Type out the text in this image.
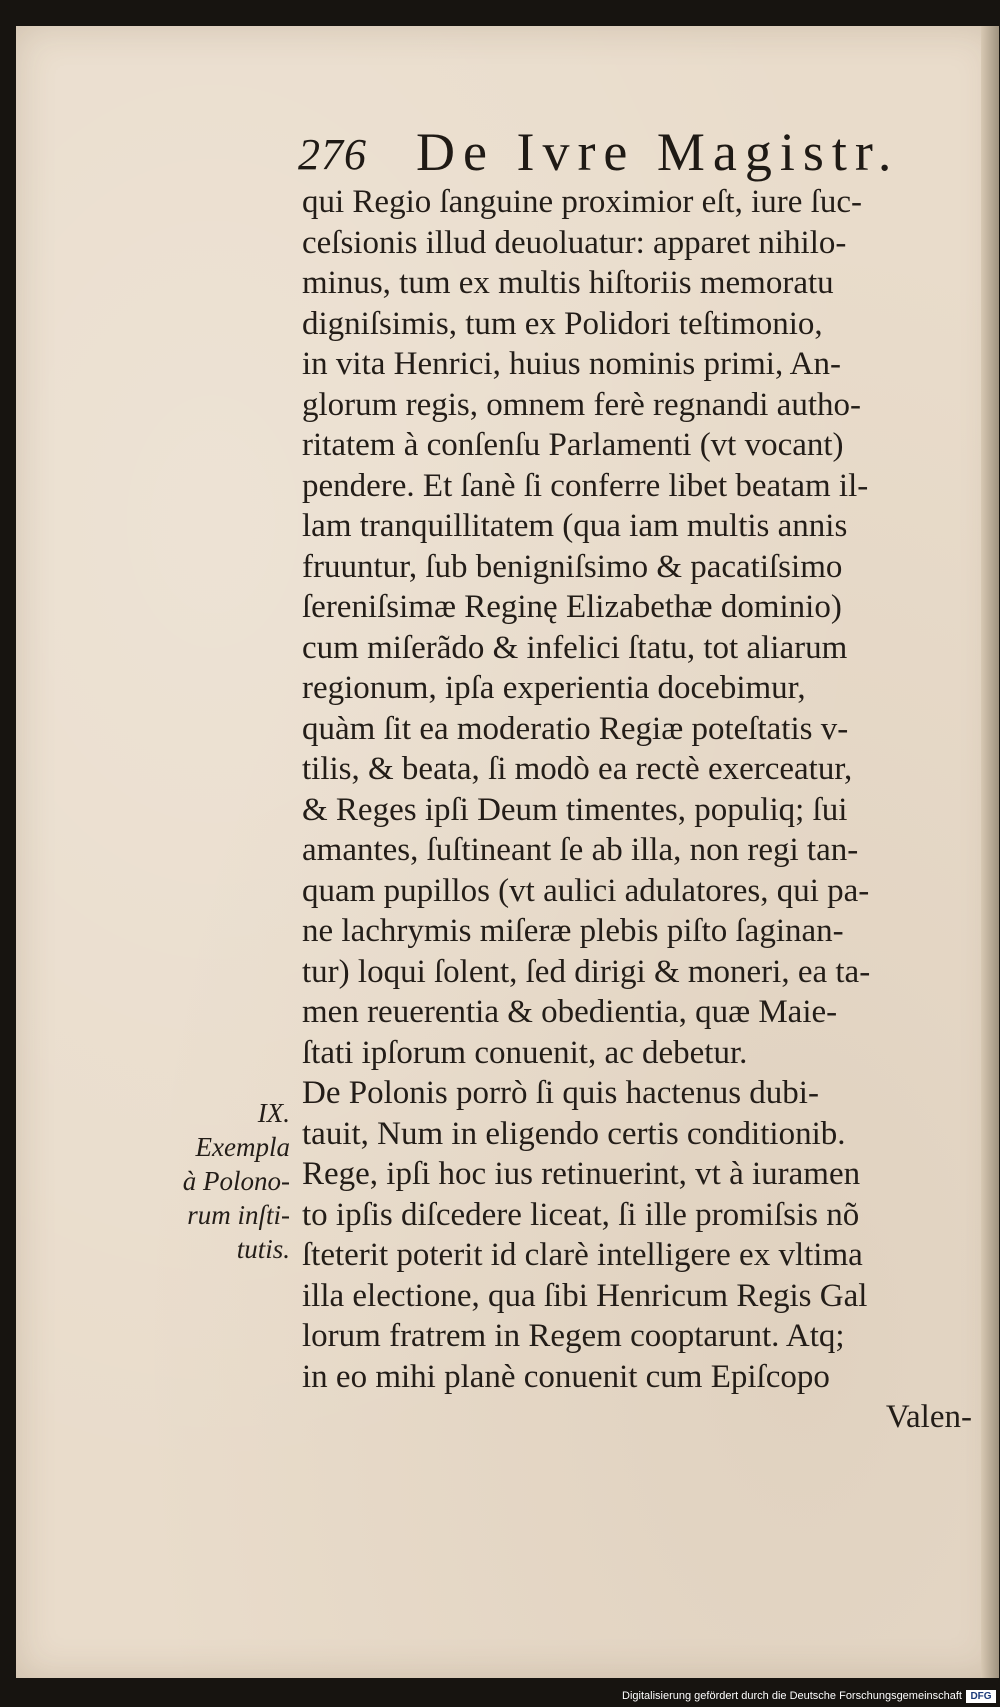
276 De Ivre Magistr.
qui Regio ſanguine proximior eſt, iure ſuc-
ceſsionis illud deuoluatur: apparet nihilo-
minus, tum ex multis hiſtoriis memoratu
digniſsimis, tum ex Polidori teſtimonio,
in vita Henrici, huius nominis primi, An-
glorum regis, omnem ferè regnandi autho-
ritatem à conſenſu Parlamenti (vt vocant)
pendere. Et ſanè ſi conferre libet beatam il-
lam tranquillitatem (qua iam multis annis
fruuntur, ſub benigniſsimo & pacatiſsimo
ſereniſsimæ Reginę Elizabethæ dominio)
cum miſerãdo & infelici ſtatu, tot aliarum
regionum, ipſa experientia docebimur,
quàm ſit ea moderatio Regiæ poteſtatis v-
tilis, & beata, ſi modò ea rectè exerceatur,
& Reges ipſi Deum timentes, populiq; ſui
amantes, ſuſtineant ſe ab illa, non regi tan-
quam pupillos (vt aulici adulatores, qui pa-
ne lachrymis miſeræ plebis piſto ſaginan-
tur) loqui ſolent, ſed dirigi & moneri, ea ta-
men reuerentia & obedientia, quæ Maie-
ſtati ipſorum conuenit, ac debetur.
De Polonis porrò ſi quis hactenus dubi-
tauit, Num in eligendo certis conditionib.
Rege, ipſi hoc ius retinuerint, vt à iuramen
to ipſis diſcedere liceat, ſi ille promiſsis nõ
ſteterit poterit id clarè intelligere ex vltima
illa electione, qua ſibi Henricum Regis Gal
lorum fratrem in Regem cooptarunt. Atq;
in eo mihi planè conuenit cum Epiſcopo
Valen-
IX.
Exempla
à Polono-
rum inſti-
tutis.
Digitalisierung gefördert durch die Deutsche Forschungsgemeinschaft DFG
